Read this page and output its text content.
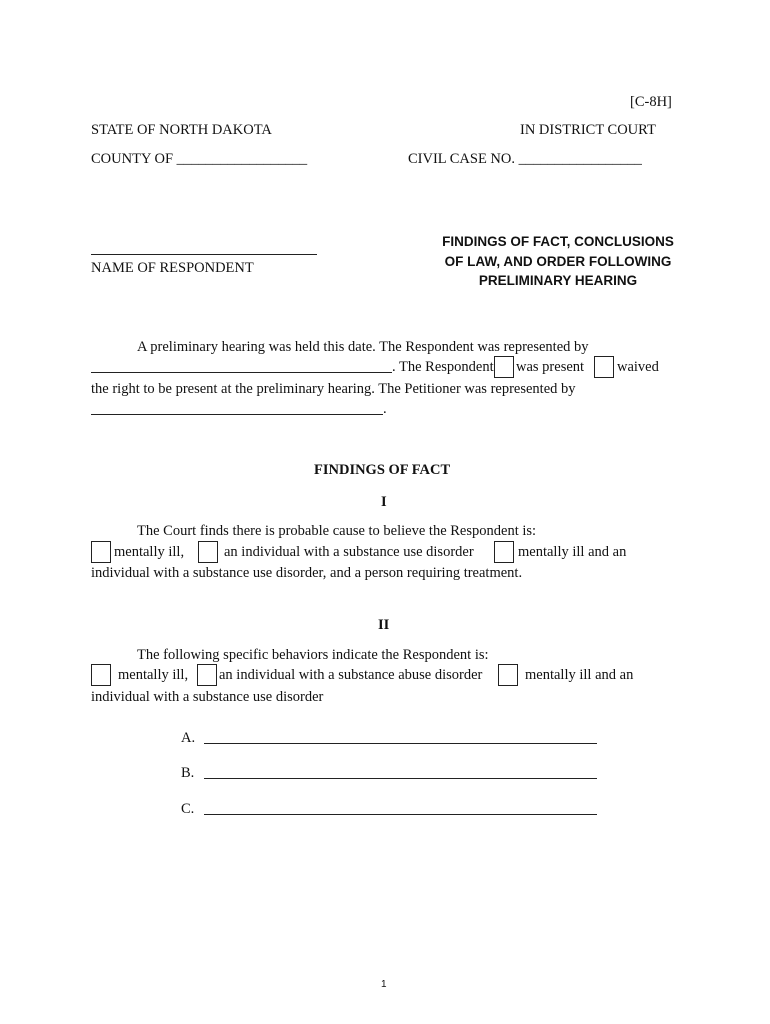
[C-8H]
STATE OF NORTH DAKOTA	IN DISTRICT COURT
COUNTY OF __________________	CIVIL CASE NO. _________________
NAME OF RESPONDENT
FINDINGS OF FACT, CONCLUSIONS
OF LAW, AND ORDER FOLLOWING
PRELIMINARY HEARING
A preliminary hearing was held this date. The Respondent was represented by
. The Respondent was present waived
the right to be present at the preliminary hearing. The Petitioner was represented by
.
FINDINGS OF FACT
I
The Court finds there is probable cause to believe the Respondent is:
mentally ill,	an individual with a substance use disorder	mentally ill and an
individual with a substance use disorder, and a person requiring treatment.
II
The following specific behaviors indicate the Respondent is:
mentally ill, an individual with a substance abuse disorder	mentally ill and an
individual with a substance use disorder
A.
B.
C.
1
